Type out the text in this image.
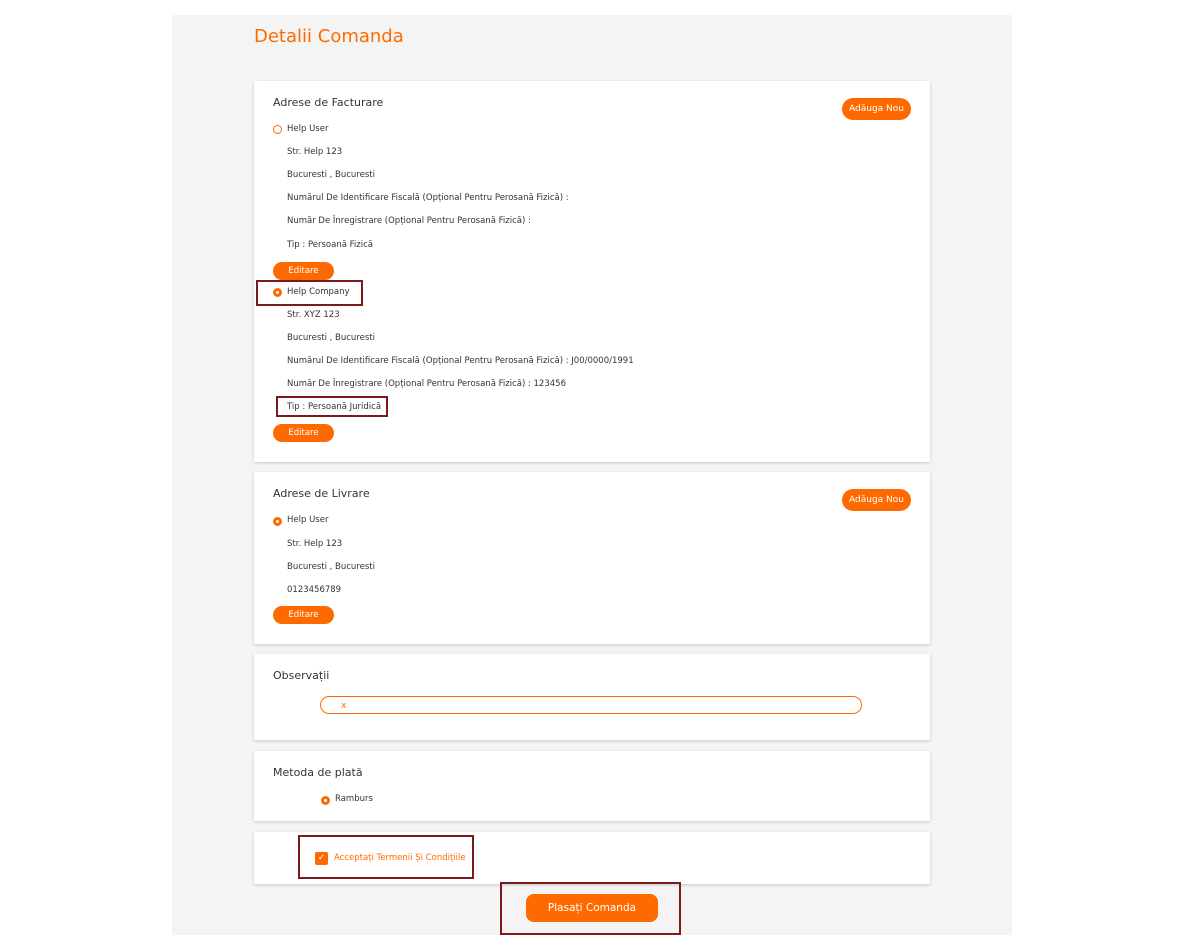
Detalii Comanda
Adrese de Facturare	Adăuga Nou
Help User
Str. Help 123
Bucuresti , Bucuresti
Numărul De Identificare Fiscală (Opțional Pentru Perosană Fizică) :
Număr De Înregistrare (Opțional Pentru Perosană Fizică) :
Tip : Persoană Fizică
Editare
Help Company
Str. XYZ 123
Bucuresti , Bucuresti
Numărul De Identificare Fiscală (Opțional Pentru Perosană Fizică) : J00/0000/1991
Număr De Înregistrare (Opțional Pentru Perosană Fizică) : 123456
Tip : Persoană Juridică
Editare
Adrese de Livrare	Adăuga Nou
Help User
Str. Help 123
Bucuresti , Bucuresti
0123456789
Editare
Observații
x
Metoda de plată
Ramburs
✓	Acceptați Termenii Și Condițiile
Plasați Comanda
